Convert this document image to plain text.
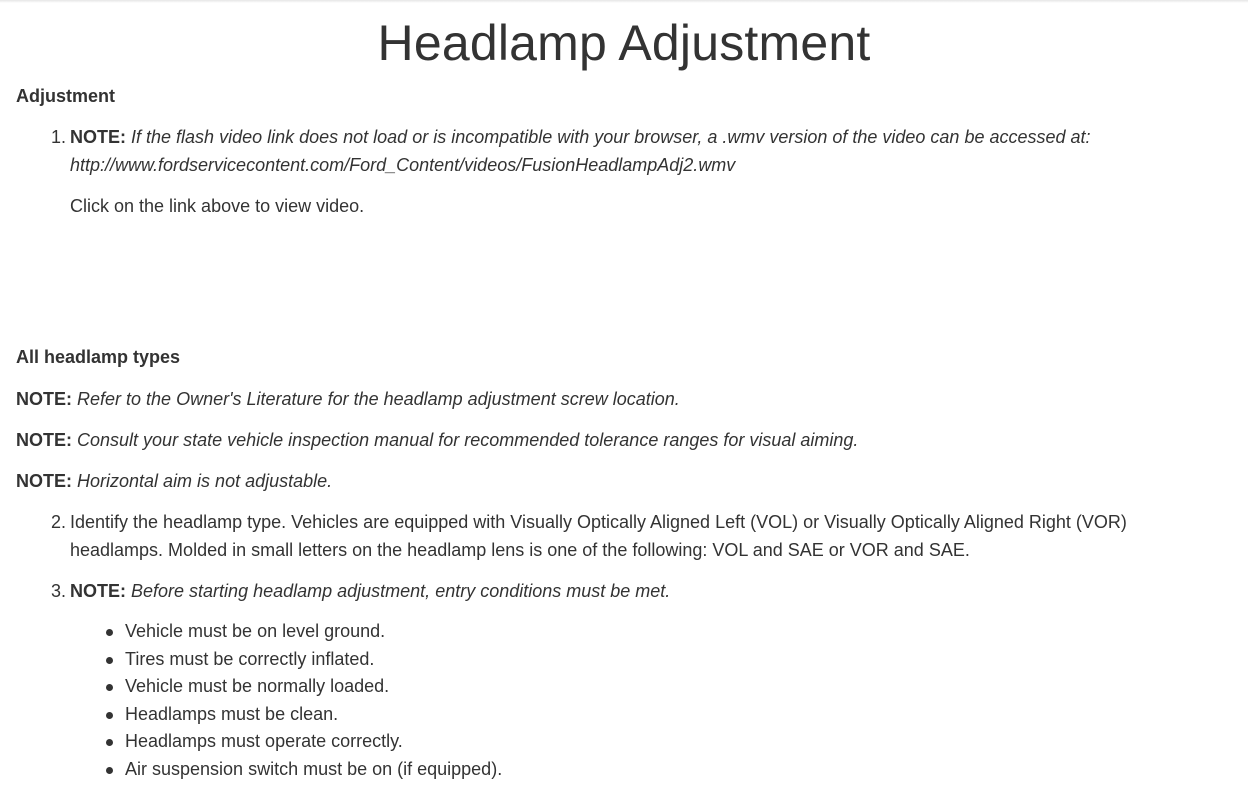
Headlamp Adjustment
Adjustment
1. NOTE: If the flash video link does not load or is incompatible with your browser, a .wmv version of the video can be accessed at:
http://www.fordservicecontent.com/Ford_Content/videos/FusionHeadlampAdj2.wmv
Click on the link above to view video.
All headlamp types
NOTE: Refer to the Owner's Literature for the headlamp adjustment screw location.
NOTE: Consult your state vehicle inspection manual for recommended tolerance ranges for visual aiming.
NOTE: Horizontal aim is not adjustable.
2. Identify the headlamp type. Vehicles are equipped with Visually Optically Aligned Left (VOL) or Visually Optically Aligned Right (VOR)
headlamps. Molded in small letters on the headlamp lens is one of the following: VOL and SAE or VOR and SAE.
3. NOTE: Before starting headlamp adjustment, entry conditions must be met.
Vehicle must be on level ground.
Tires must be correctly inflated.
Vehicle must be normally loaded.
Headlamps must be clean.
Headlamps must operate correctly.
Air suspension switch must be on (if equipped).
